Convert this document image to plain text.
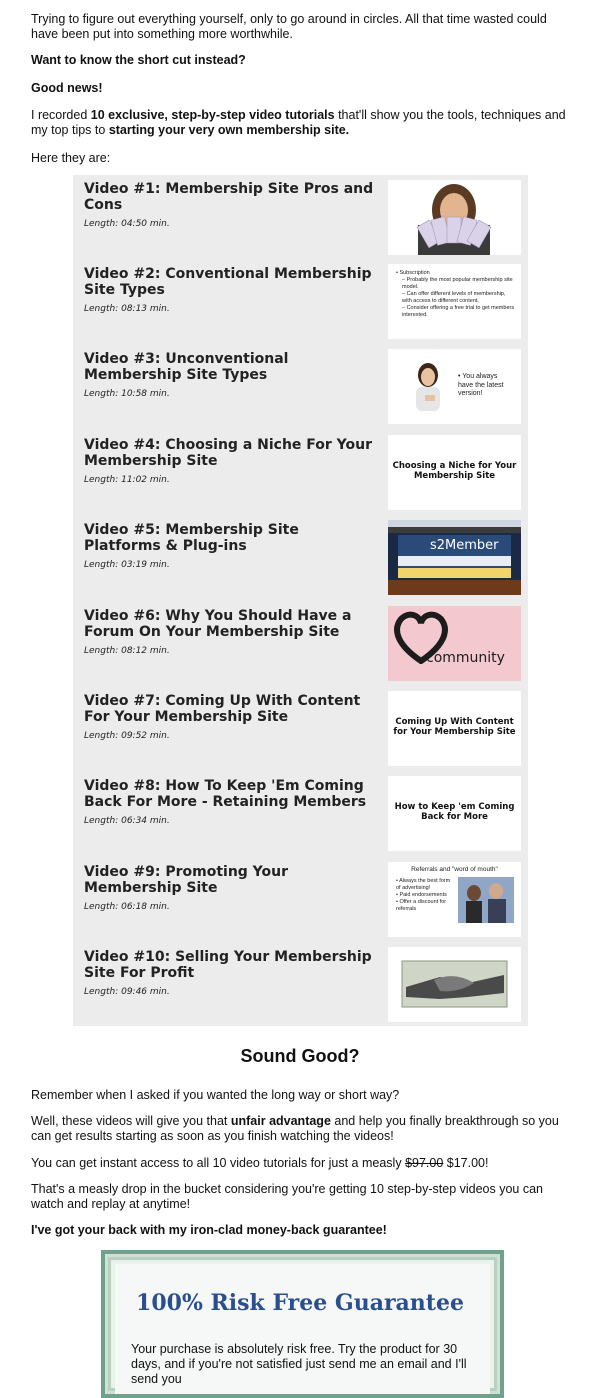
Trying to figure out everything yourself, only to go around in circles. All that time wasted could have been put into something more worthwhile.

Want to know the short cut instead?

Good news!

I recorded 10 exclusive, step-by-step video tutorials that'll show you the tools, techniques and my top tips to starting your very own membership site.

Here they are:

Video #1: Membership Site Pros and Cons
Length: 04:50 min.
Video #2: Conventional Membership Site Types
Length: 08:13 min.
• Subscription
– Probably the most popular membership site model.
– Can offer different levels of membership, with access to different content.
– Consider offering a free trial to get members interested.
Video #3: Unconventional Membership Site Types
Length: 10:58 min.
• You always have the latest version!
Video #4: Choosing a Niche For Your Membership Site
Length: 11:02 min.
Choosing a Niche for Your Membership Site
Video #5: Membership Site Platforms & Plug-ins
Length: 03:19 min.
s2Member
Video #6: Why You Should Have a Forum On Your Membership Site
Length: 08:12 min.	community
Video #7: Coming Up With Content For Your Membership Site
Length: 09:52 min.
Coming Up With Content for Your Membership Site
Video #8: How To Keep 'Em Coming Back For More - Retaining Members
Length: 06:34 min.
How to Keep 'em Coming Back for More
Video #9: Promoting Your Membership Site
Length: 06:18 min.
Referrals and "word of mouth"
• Always the best form of advertising!
• Paid endorsements
• Offer a discount for referrals
Video #10: Selling Your Membership Site For Profit
Length: 09:46 min.
Sound Good?

Remember when I asked if you wanted the long way or short way?

Well, these videos will give you that unfair advantage and help you finally breakthrough so you can get results starting as soon as you finish watching the videos!

You can get instant access to all 10 video tutorials for just a measly $97.00 $17.00!

That's a measly drop in the bucket considering you're getting 10 step-by-step videos you can watch and replay at anytime!

I've got your back with my iron-clad money-back guarantee!

100% Risk Free Guarantee
Your purchase is absolutely risk free. Try the product for 30 days, and if you're not satisfied just send me an email and I'll send you
